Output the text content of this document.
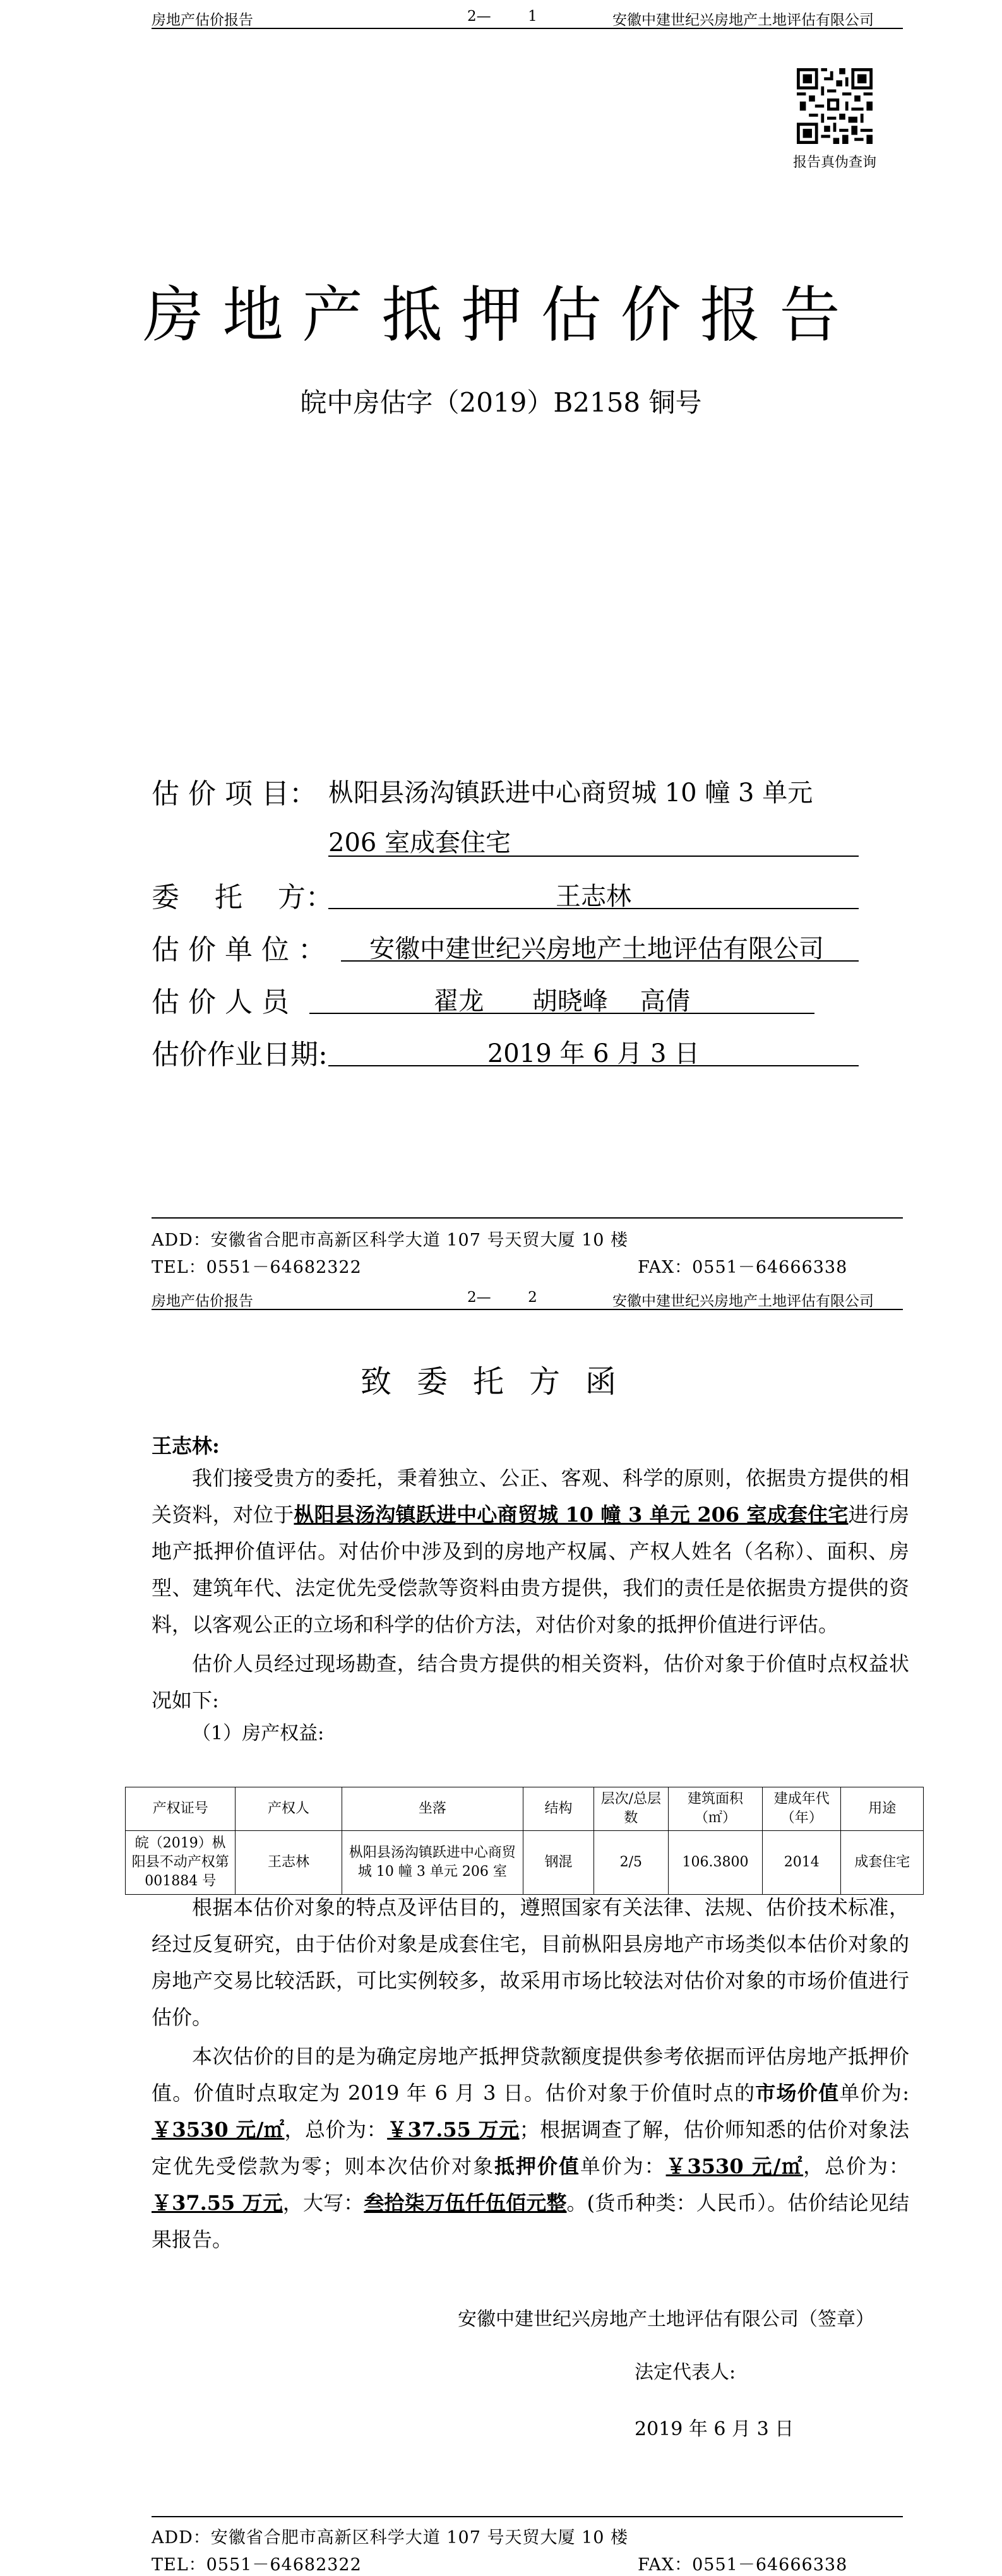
房地产估价报告	2—        1	安徽中建世纪兴房地产土地评估有限公司
报告真伪查询
房地产抵押估价报告
皖中房估字（2019）B2158 铜号
估 价 项 目： 枞阳县汤沟镇跃进中心商贸城 10 幢 3 单元
206 室成套住宅
委    托    方：	王志林
估 价 单 位 ：	安徽中建世纪兴房地产土地评估有限公司
估 价 人 员	翟龙      胡晓峰    高倩
估价作业日期:	2019 年 6 月 3 日
ADD：安徽省合肥市高新区科学大道 107 号天贸大厦 10 楼
TEL：0551－64682322	FAX：0551－64666338
房地产估价报告	2—        2	安徽中建世纪兴房地产土地评估有限公司
致委托方函
王志林:
我们接受贵方的委托，秉着独立、公正、客观、科学的原则，依据贵方提供的相关资料，对位于枞阳县汤沟镇跃进中心商贸城 10 幢 3 单元 206 室成套住宅进行房地产抵押价值评估。对估价中涉及到的房地产权属、产权人姓名（名称）、面积、房型、建筑年代、法定优先受偿款等资料由贵方提供，我们的责任是依据贵方提供的资料，以客观公正的立场和科学的估价方法，对估价对象的抵押价值进行评估。
估价人员经过现场勘查，结合贵方提供的相关资料，估价对象于价值时点权益状况如下:
（1）房产权益:
产权证号	产权人	坐落	结构	层次/总层数	建筑面积（㎡）	建成年代（年）	用途
皖（2019）枞阳县不动产权第 001884 号	王志林	枞阳县汤沟镇跃进中心商贸城 10 幢 3 单元 206 室	钢混	2/5	106.3800	2014	成套住宅
根据本估价对象的特点及评估目的，遵照国家有关法律、法规、估价技术标准，经过反复研究，由于估价对象是成套住宅，目前枞阳县房地产市场类似本估价对象的房地产交易比较活跃，可比实例较多，故采用市场比较法对估价对象的市场价值进行估价。
本次估价的目的是为确定房地产抵押贷款额度提供参考依据而评估房地产抵押价值。价值时点取定为 2019 年 6 月 3 日。估价对象于价值时点的市场价值单价为:￥3530 元/㎡，总价为：￥37.55 万元；根据调查了解，估价师知悉的估价对象法定优先受偿款为零；则本次估价对象抵押价值单价为：￥3530 元/㎡，总价为：￥37.55 万元，大写：叁拾柒万伍仟伍佰元整。(货币种类：人民币）。估价结论见结果报告。
安徽中建世纪兴房地产土地评估有限公司（签章）
法定代表人:
2019 年 6 月 3 日
ADD：安徽省合肥市高新区科学大道 107 号天贸大厦 10 楼
TEL：0551－64682322	FAX：0551－64666338
